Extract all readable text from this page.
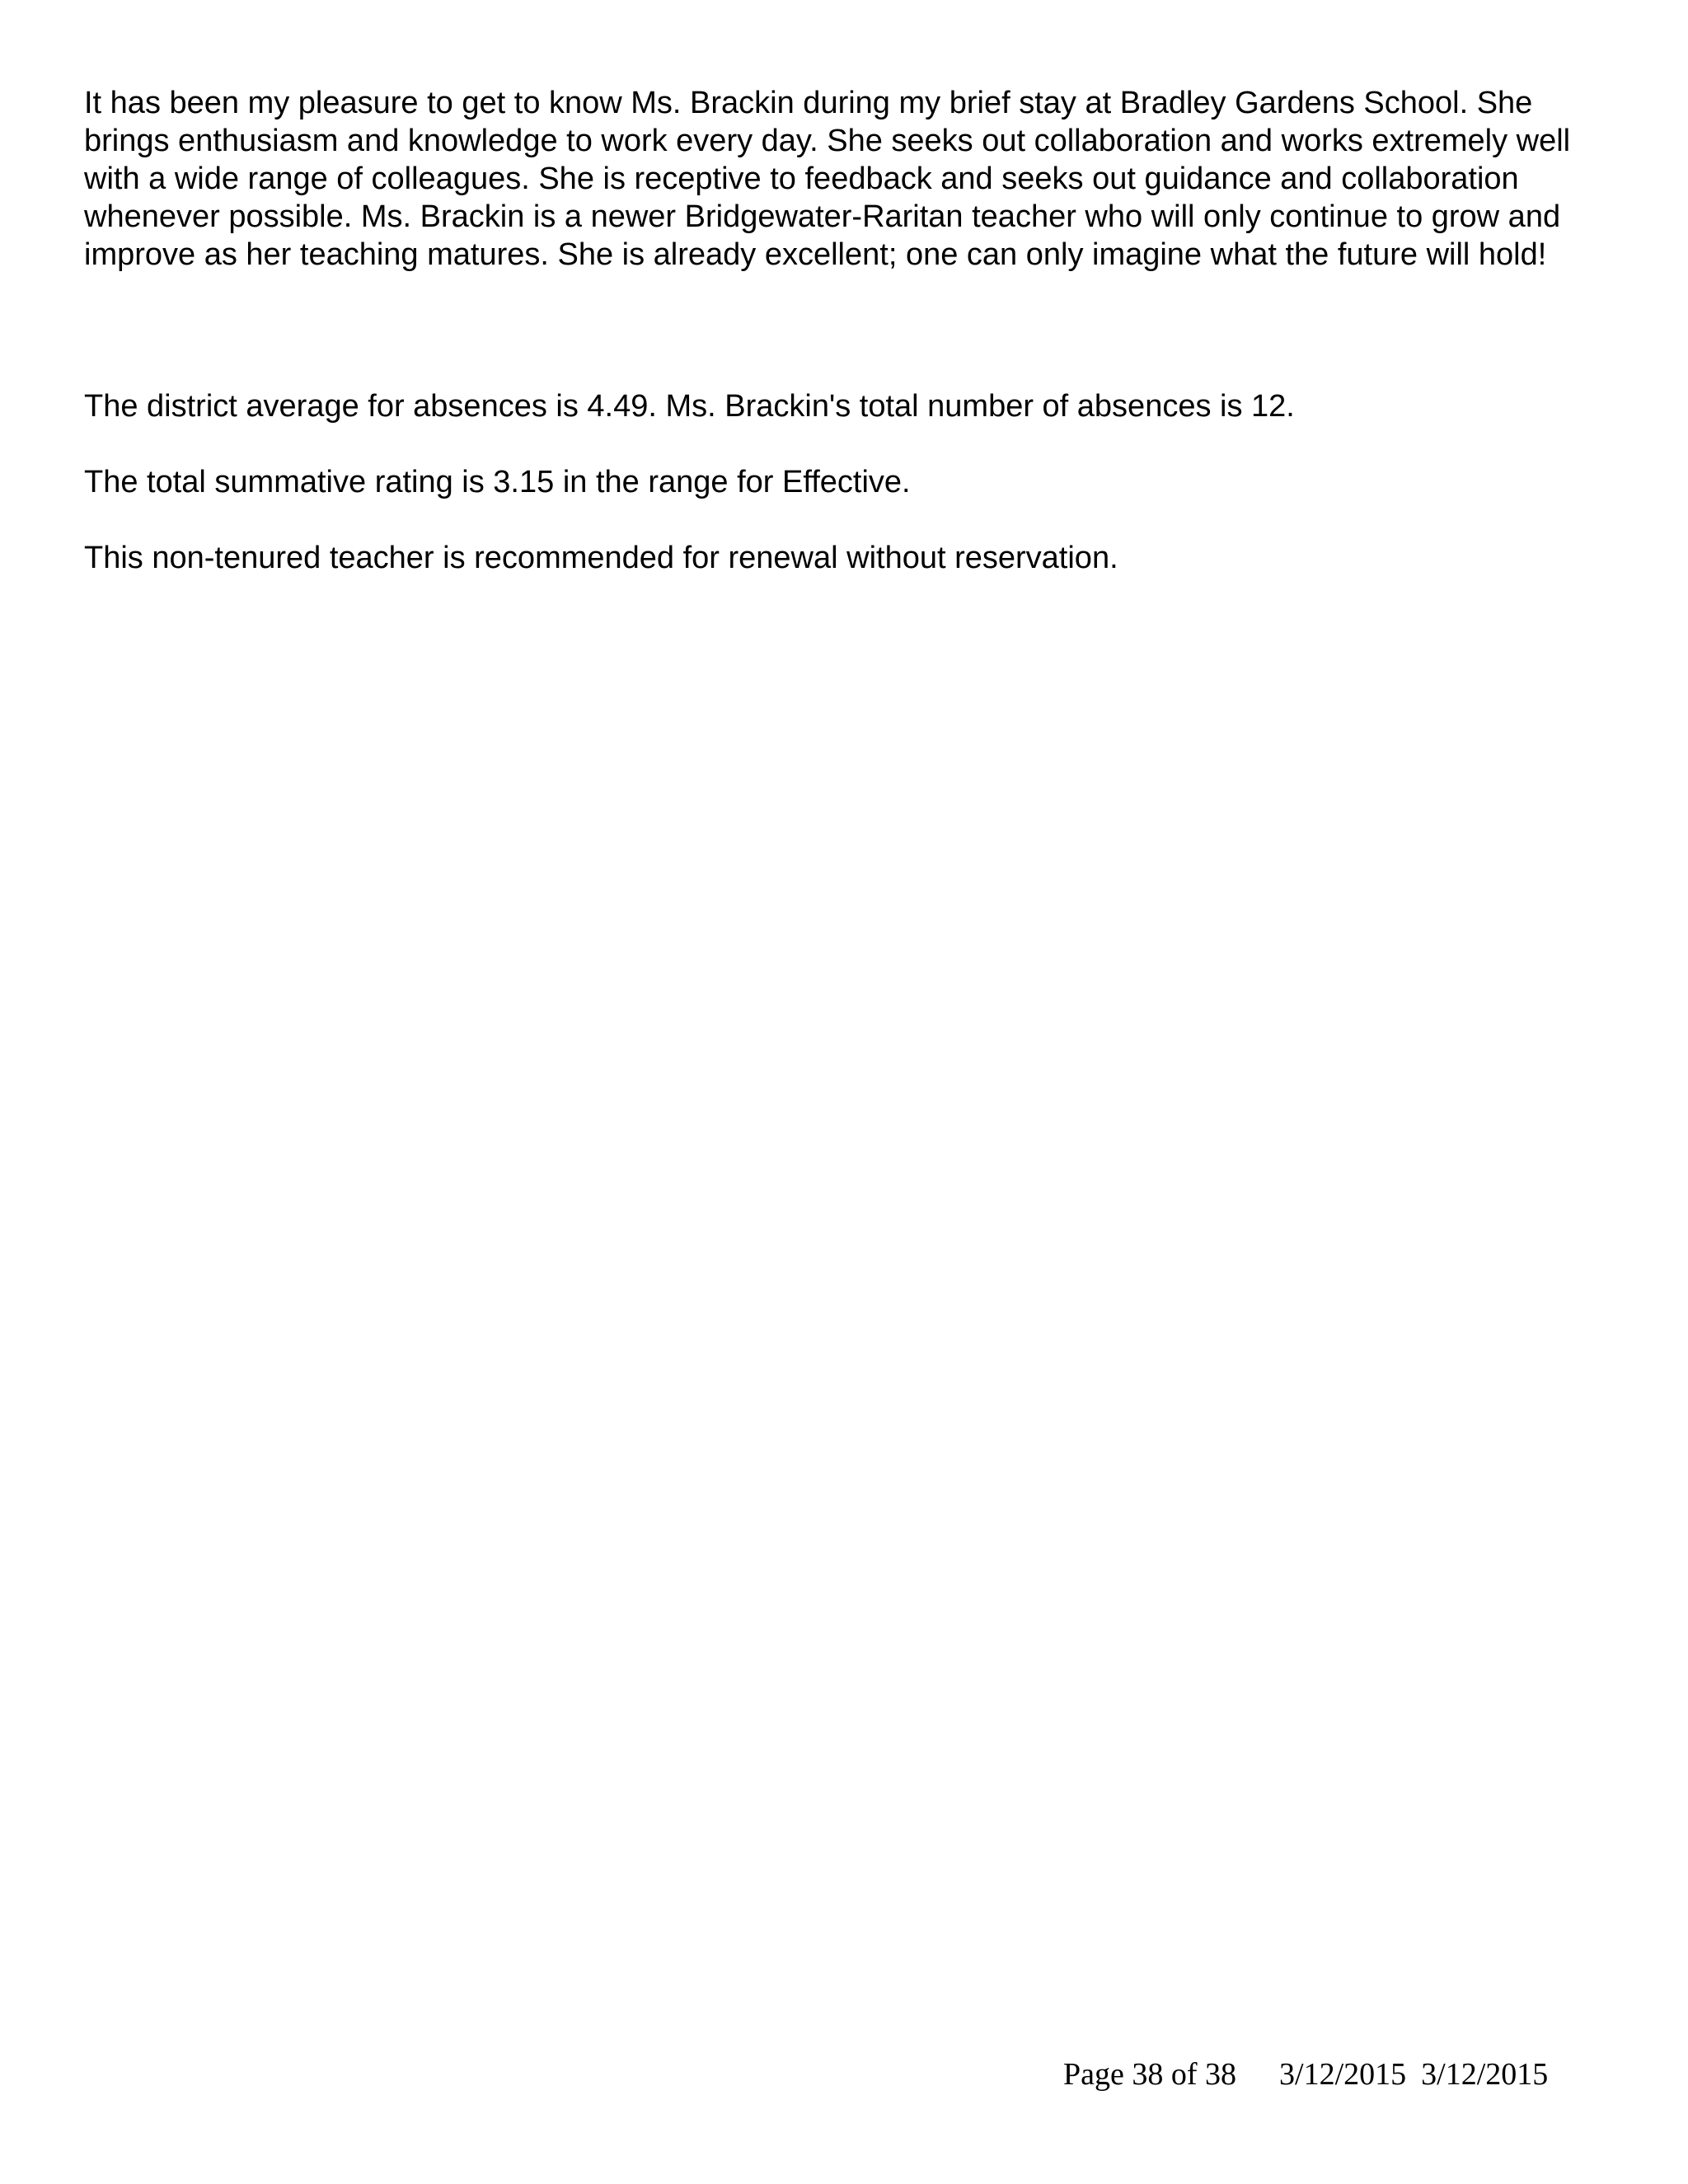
It has been my pleasure to get to know Ms. Brackin during my brief stay at Bradley Gardens School. She brings enthusiasm and knowledge to work every day. She seeks out collaboration and works extremely well with a wide range of colleagues. She is receptive to feedback and seeks out guidance and collaboration whenever possible. Ms. Brackin is a newer Bridgewater-Raritan teacher who will only continue to grow and improve as her teaching matures. She is already excellent; one can only imagine what the future will hold!

The district average for absences is 4.49. Ms. Brackin's total number of absences is 12.

The total summative rating is 3.15 in the range for Effective.

This non-tenured teacher is recommended for renewal without reservation.

Page 38 of 38 3/12/2015 3/12/2015
